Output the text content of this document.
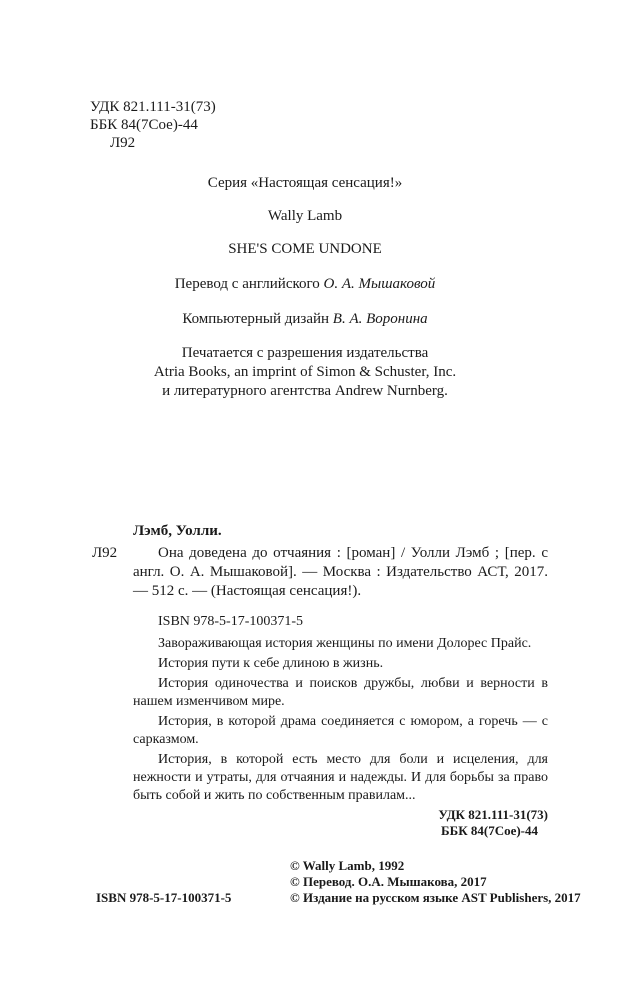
УДК 821.111-31(73)
ББК 84(7Сое)-44
Л92
Серия «Настоящая сенсация!»
Wally Lamb
SHE'S COME UNDONE
Перевод с английского О. А. Мышаковой
Компьютерный дизайн В. А. Воронина
Печатается с разрешения издательства
Atria Books, an imprint of Simon & Schuster, Inc.
и литературного агентства Andrew Nurnberg.
Лэмб, Уолли.
Л92	Она доведена до отчаяния : [роман] / Уолли Лэмб ; [пер. с англ. О. А. Мышаковой]. — Москва : Издательство АСТ, 2017. — 512 с. — (Настоящая сенсация!).

ISBN 978-5-17-100371-5

Завораживающая история женщины по имени Долорес Прайс.

История пути к себе длиною в жизнь.

История одиночества и поисков дружбы, любви и верности в нашем изменчивом мире.

История, в которой драма соединяется с юмором, а горечь — с сарказмом.

История, в которой есть место для боли и исцеления, для нежности и утраты, для отчаяния и надежды. И для борьбы за право быть собой и жить по собственным правилам...

УДК 821.111-31(73)
ББК 84(7Сое)-44
© Wally Lamb, 1992
© Перевод. О.А. Мышакова, 2017
© Издание на русском языке AST Publishers, 2017
ISBN 978-5-17-100371-5
